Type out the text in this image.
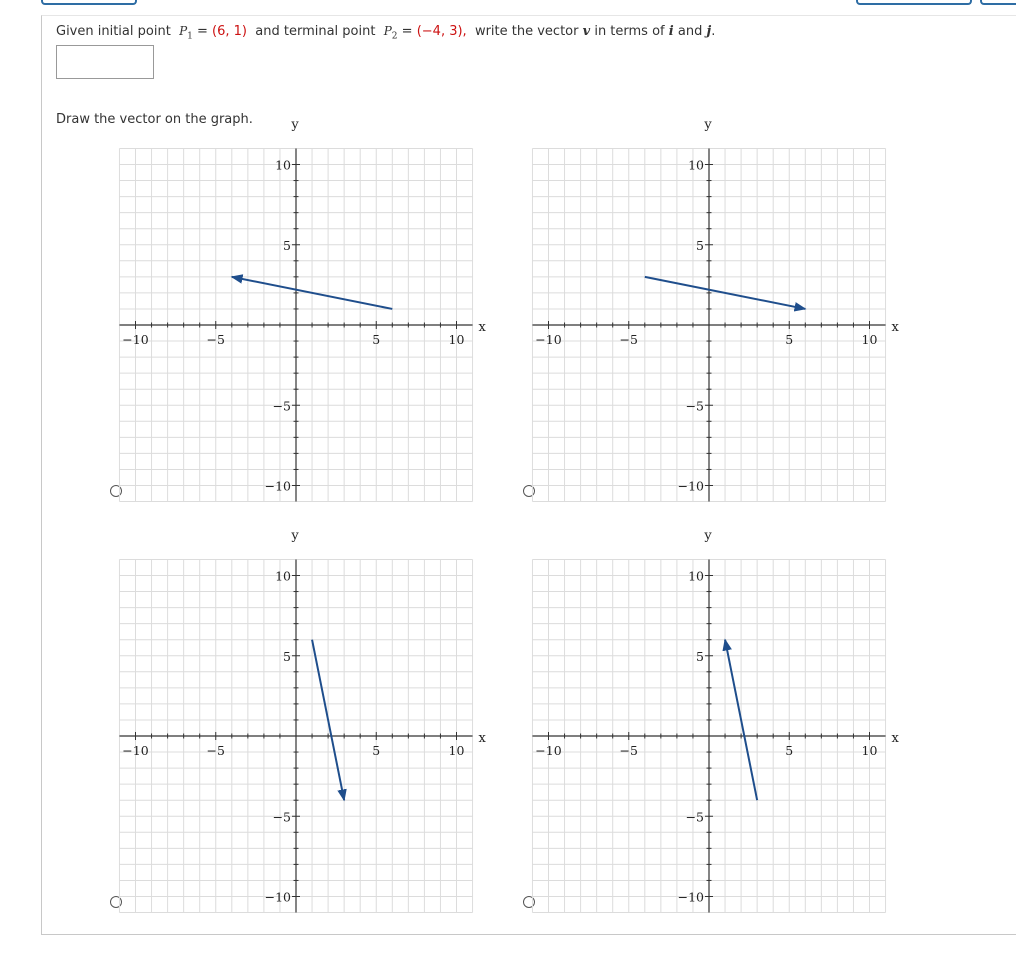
Given initial point $P_1 = (6$, 1) and terminal point $P_2 = (-4$, 3), write the vector v in terms of i and j.
Draw the vector on the graph.
−10	−5	5	10
10
5
−5
−10
x
y
−10	−5	5	10
10
5
−5
−10
x
y
−10	−5	5	10
10
5
−5
−10
x
y
−10	−5	5	10
10
5
−5
−10
x
y
